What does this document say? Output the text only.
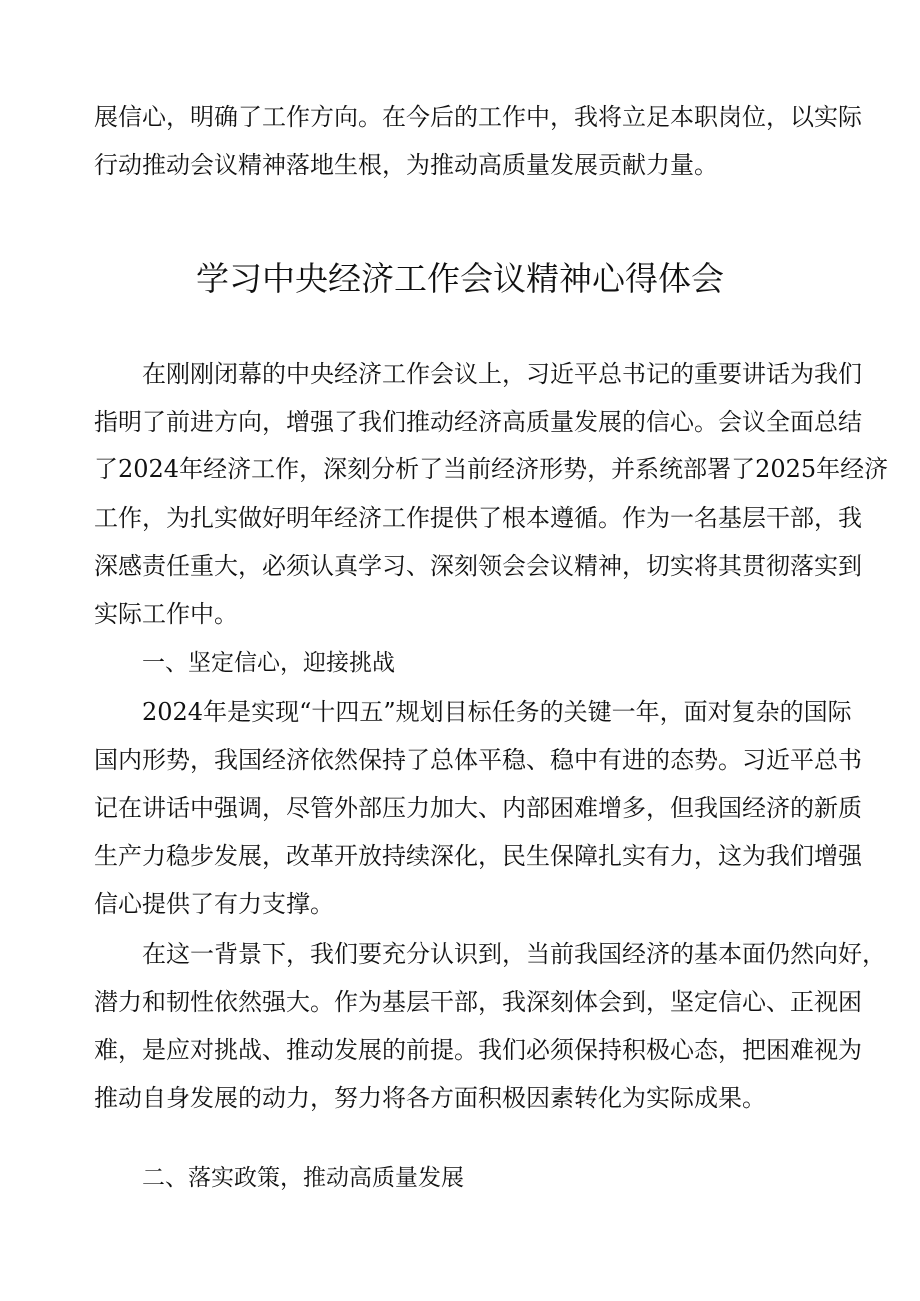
展信心，明确了工作方向。在今后的工作中，我将立足本职岗位，以实际
行动推动会议精神落地生根，为推动高质量发展贡献力量。
学习中央经济工作会议精神心得体会
在刚刚闭幕的中央经济工作会议上，习近平总书记的重要讲话为我们
指明了前进方向，增强了我们推动经济高质量发展的信心。会议全面总结
了2024年经济工作，深刻分析了当前经济形势，并系统部署了2025年经济
工作，为扎实做好明年经济工作提供了根本遵循。作为一名基层干部，我
深感责任重大，必须认真学习、深刻领会会议精神，切实将其贯彻落实到
实际工作中。
一、坚定信心，迎接挑战
2024年是实现“十四五”规划目标任务的关键一年，面对复杂的国际
国内形势，我国经济依然保持了总体平稳、稳中有进的态势。习近平总书
记在讲话中强调，尽管外部压力加大、内部困难增多，但我国经济的新质
生产力稳步发展，改革开放持续深化，民生保障扎实有力，这为我们增强
信心提供了有力支撑。
在这一背景下，我们要充分认识到，当前我国经济的基本面仍然向好，
潜力和韧性依然强大。作为基层干部，我深刻体会到，坚定信心、正视困
难，是应对挑战、推动发展的前提。我们必须保持积极心态，把困难视为
推动自身发展的动力，努力将各方面积极因素转化为实际成果。
二、落实政策，推动高质量发展
